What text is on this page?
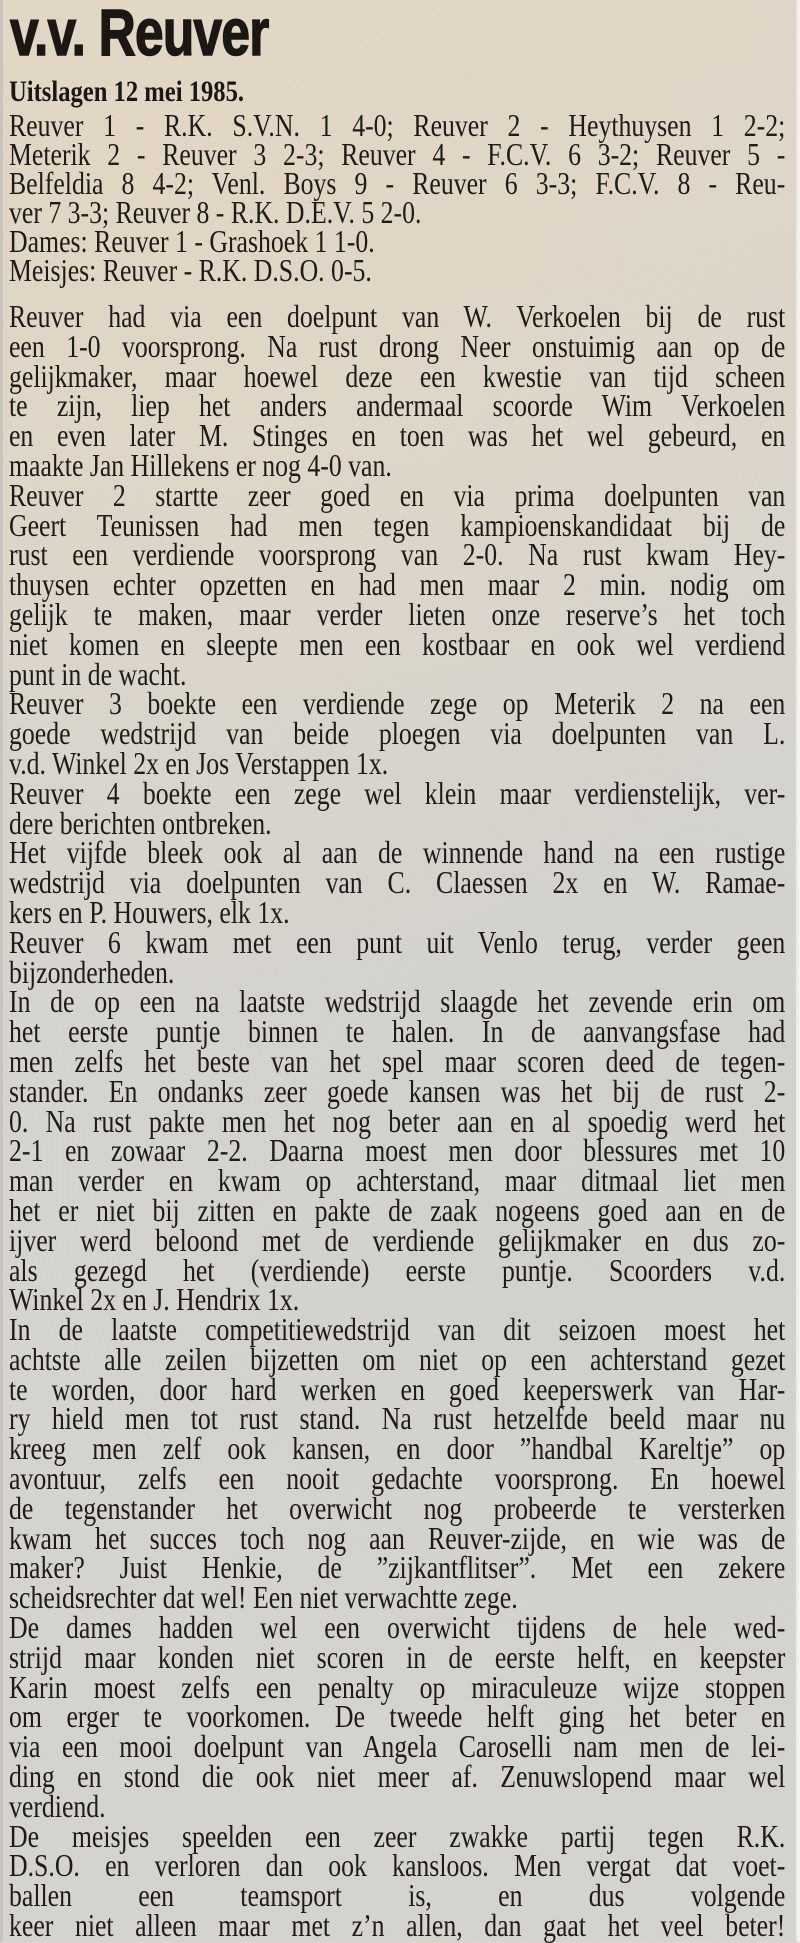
v.v. Reuver
Uitslagen 12 mei 1985.
Reuver 1 - R.K. S.V.N. 1 4-0; Reuver 2 - Heythuysen 1 2-2;
Meterik 2 - Reuver 3 2-3; Reuver 4 - F.C.V. 6 3-2; Reuver 5 -
Belfeldia 8 4-2; Venl. Boys 9 - Reuver 6 3-3; F.C.V. 8 - Reu-
ver 7 3-3; Reuver 8 - R.K. D.E.V. 5 2-0.
Dames: Reuver 1 - Grashoek 1 1-0.
Meisjes: Reuver - R.K. D.S.O. 0-5.
Reuver had via een doelpunt van W. Verkoelen bij de rust
een 1-0 voorsprong. Na rust drong Neer onstuimig aan op de
gelijkmaker, maar hoewel deze een kwestie van tijd scheen
te zijn, liep het anders andermaal scoorde Wim Verkoelen
en even later M. Stinges en toen was het wel gebeurd, en
maakte Jan Hillekens er nog 4-0 van.
Reuver 2 startte zeer goed en via prima doelpunten van
Geert Teunissen had men tegen kampioenskandidaat bij de
rust een verdiende voorsprong van 2-0. Na rust kwam Hey-
thuysen echter opzetten en had men maar 2 min. nodig om
gelijk te maken, maar verder lieten onze reserve’s het toch
niet komen en sleepte men een kostbaar en ook wel verdiend
punt in de wacht.
Reuver 3 boekte een verdiende zege op Meterik 2 na een
goede wedstrijd van beide ploegen via doelpunten van L.
v.d. Winkel 2x en Jos Verstappen 1x.
Reuver 4 boekte een zege wel klein maar verdienstelijk, ver-
dere berichten ontbreken.
Het vijfde bleek ook al aan de winnende hand na een rustige
wedstrijd via doelpunten van C. Claessen 2x en W. Ramae-
kers en P. Houwers, elk 1x.
Reuver 6 kwam met een punt uit Venlo terug, verder geen
bijzonderheden.
In de op een na laatste wedstrijd slaagde het zevende erin om
het eerste puntje binnen te halen. In de aanvangsfase had
men zelfs het beste van het spel maar scoren deed de tegen-
stander. En ondanks zeer goede kansen was het bij de rust 2-
0. Na rust pakte men het nog beter aan en al spoedig werd het
2-1 en zowaar 2-2. Daarna moest men door blessures met 10
man verder en kwam op achterstand, maar ditmaal liet men
het er niet bij zitten en pakte de zaak nogeens goed aan en de
ijver werd beloond met de verdiende gelijkmaker en dus zo-
als gezegd het (verdiende) eerste puntje. Scoorders v.d.
Winkel 2x en J. Hendrix 1x.
In de laatste competitiewedstrijd van dit seizoen moest het
achtste alle zeilen bijzetten om niet op een achterstand gezet
te worden, door hard werken en goed keeperswerk van Har-
ry hield men tot rust stand. Na rust hetzelfde beeld maar nu
kreeg men zelf ook kansen, en door ”handbal Kareltje” op
avontuur, zelfs een nooit gedachte voorsprong. En hoewel
de tegenstander het overwicht nog probeerde te versterken
kwam het succes toch nog aan Reuver-zijde, en wie was de
maker? Juist Henkie, de ”zijkantflitser”. Met een zekere
scheidsrechter dat wel! Een niet verwachtte zege.
De dames hadden wel een overwicht tijdens de hele wed-
strijd maar konden niet scoren in de eerste helft, en keepster
Karin moest zelfs een penalty op miraculeuze wijze stoppen
om erger te voorkomen. De tweede helft ging het beter en
via een mooi doelpunt van Angela Caroselli nam men de lei-
ding en stond die ook niet meer af. Zenuwslopend maar wel
verdiend.
De meisjes speelden een zeer zwakke partij tegen R.K.
D.S.O. en verloren dan ook kansloos. Men vergat dat voet-
ballen een teamsport is, en dus volgende
keer niet alleen maar met z’n allen, dan gaat het veel beter!
